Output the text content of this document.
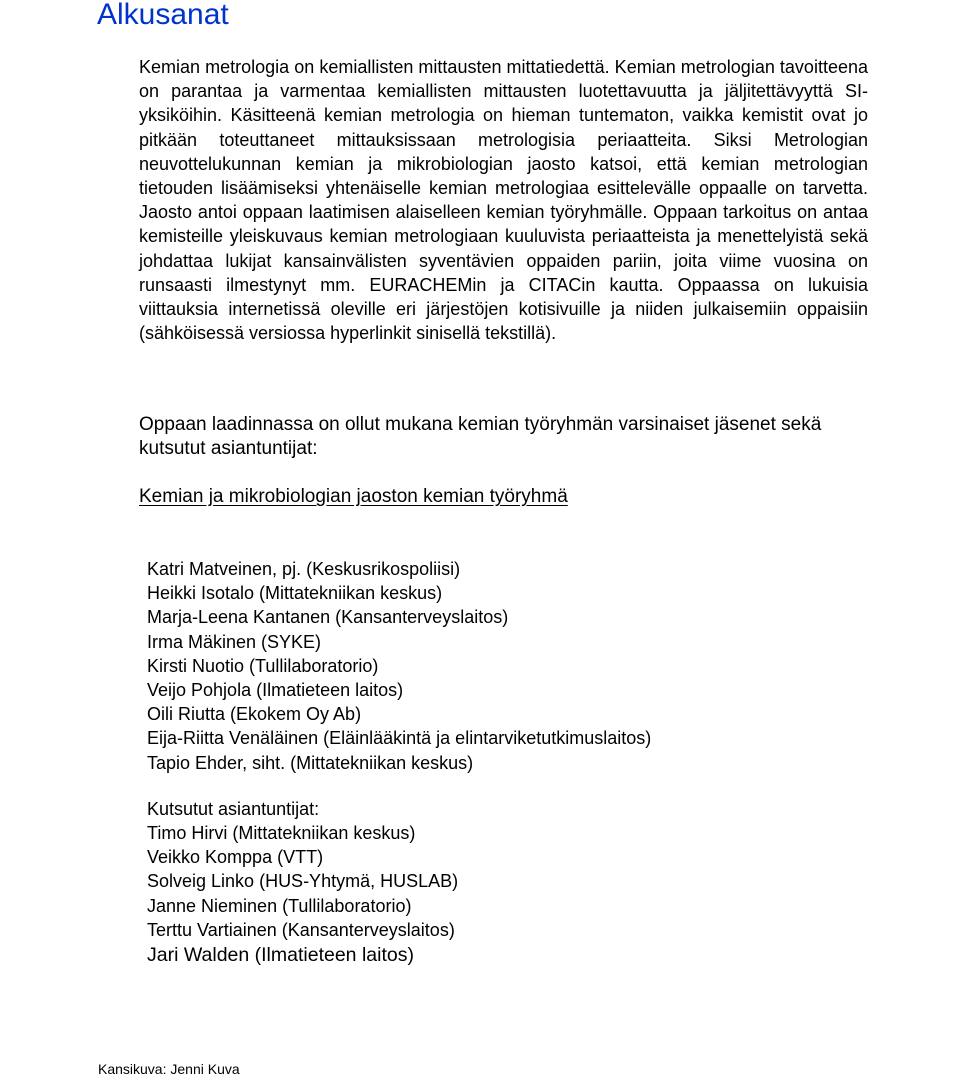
Alkusanat

Kemian metrologia on kemiallisten mittausten mittatiedettä. Kemian metrologian tavoitteena on parantaa ja varmentaa kemiallisten mittausten luotettavuutta ja jäljitettävyyttä SI-yksiköihin. Käsitteenä kemian metrologia on hieman tuntematon, vaikka kemistit ovat jo pitkään toteuttaneet mittauksissaan metrologisia periaatteita. Siksi Metrologian neuvottelukunnan kemian ja mikrobiologian jaosto katsoi, että kemian metrologian tietouden lisäämiseksi yhtenäiselle kemian metrologiaa esittelevälle oppaalle on tarvetta. Jaosto antoi oppaan laatimisen alaiselleen kemian työryhmälle. Oppaan tarkoitus on antaa kemisteille yleiskuvaus kemian metrologiaan kuuluvista periaatteista ja menettelyistä sekä johdattaa lukijat kansainvälisten syventävien oppaiden pariin, joita viime vuosina on runsaasti ilmestynyt mm. EURACHEMin ja CITACin kautta. Oppaassa on lukuisia viittauksia internetissä oleville eri järjestöjen kotisivuille ja niiden julkaisemiin oppaisiin (sähköisessä versiossa hyperlinkit sinisellä tekstillä).

Oppaan laadinnassa on ollut mukana kemian työryhmän varsinaiset jäsenet sekä kutsutut asiantuntijat:

Kemian ja mikrobiologian jaoston kemian työryhmä
Katri Matveinen, pj. (Keskusrikospoliisi)
Heikki Isotalo (Mittatekniikan keskus)
Marja-Leena Kantanen (Kansanterveyslaitos)
Irma Mäkinen (SYKE)
Kirsti Nuotio (Tullilaboratorio)
Veijo Pohjola (Ilmatieteen laitos)
Oili Riutta (Ekokem Oy Ab)
Eija-Riitta Venäläinen (Eläinlääkintä ja elintarviketutkimuslaitos)
Tapio Ehder, siht. (Mittatekniikan keskus)
Kutsutut asiantuntijat:
Timo Hirvi (Mittatekniikan keskus)
Veikko Komppa (VTT)
Solveig Linko (HUS-Yhtymä, HUSLAB)
Janne Nieminen (Tullilaboratorio)
Terttu Vartiainen (Kansanterveyslaitos)
Jari Walden (Ilmatieteen laitos)

Kansikuva: Jenni Kuva
